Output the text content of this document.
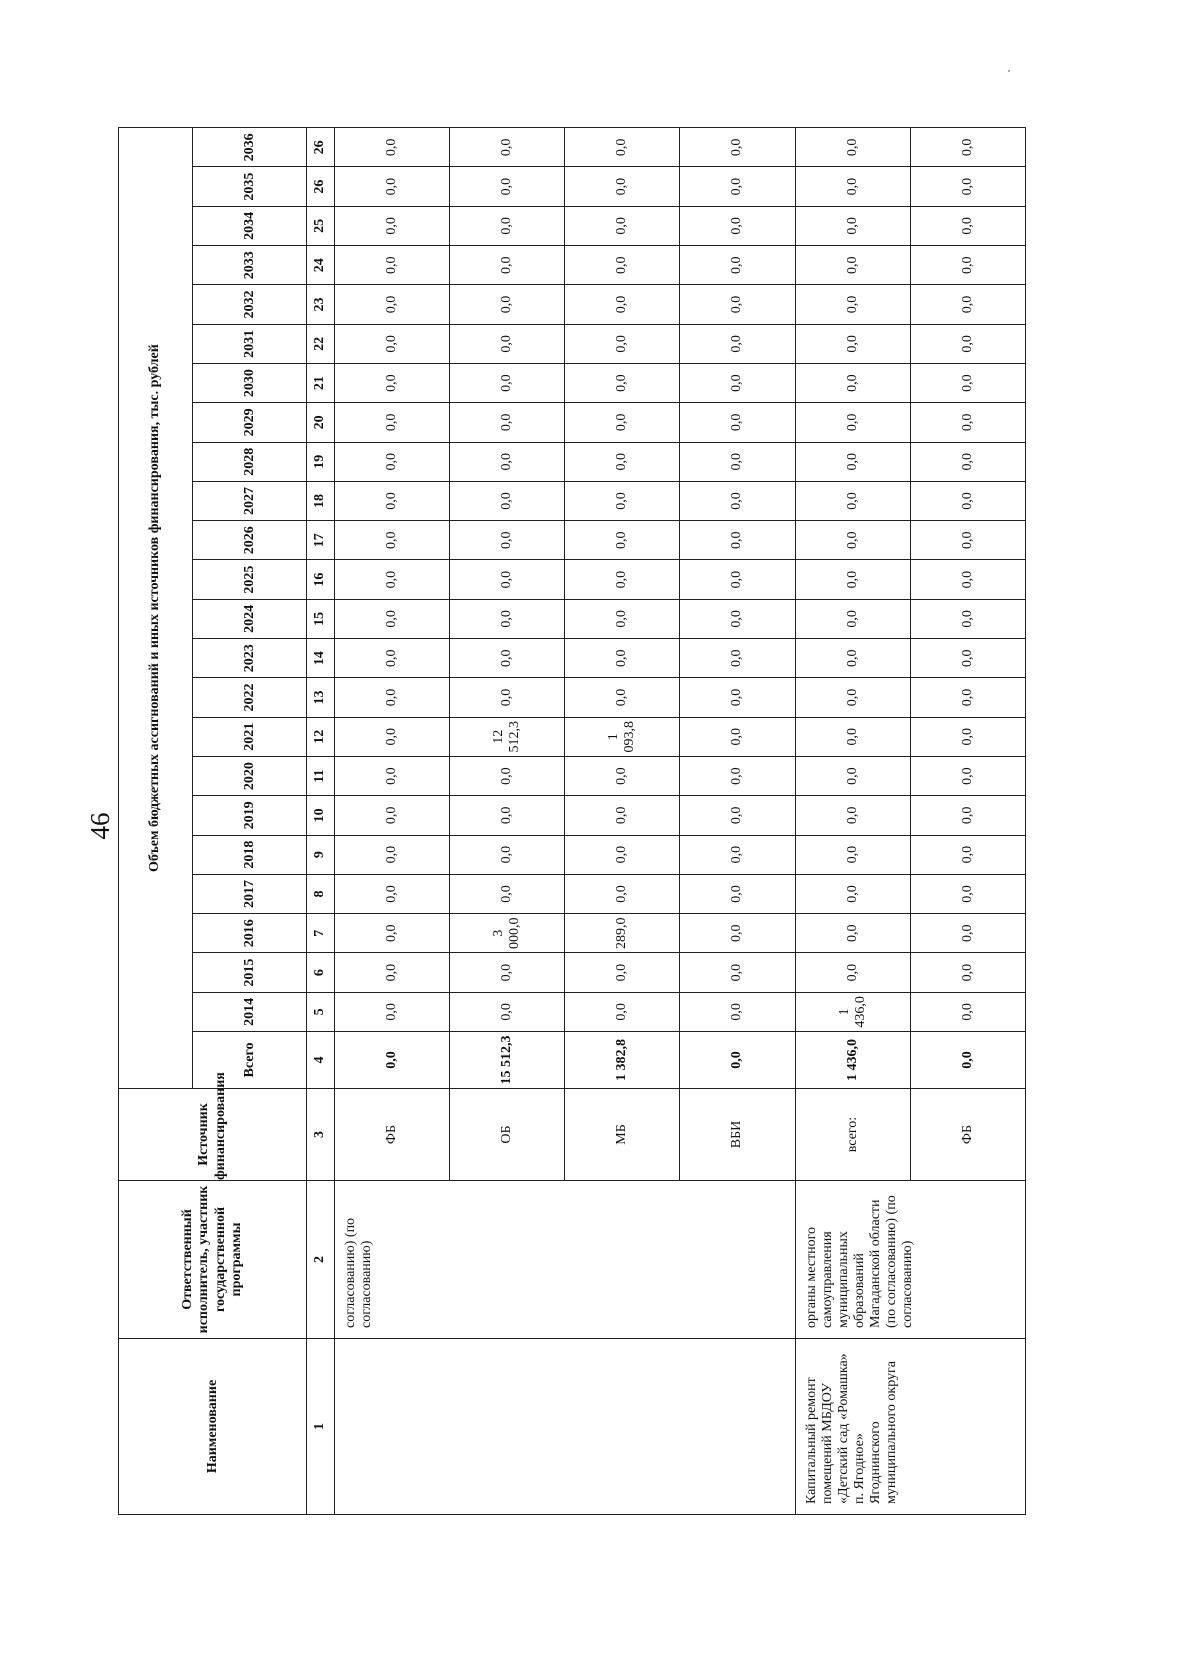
46
Наименование	Ответственный исполнитель, участник государственной программы	Источник финансирования	Объем бюджетных ассигнований и иных источников финансирования, тыс. рублей																							
			Всего	2014	2015	2016	2017	2018	2019	2020	2021	2022	2023	2024	2025	2026	2027	2028	2029	2030	2031	2032	2033	2034	2035	2036
1	2	3	4	5	6	7	8	9	10	11	12	13	14	15	16	17	18	19	20	21	22	23	24	25	26	26
	согласованию) (по согласованию)	ФБ	0,0	0,0	0,0	0,0	0,0	0,0	0,0	0,0	0,0	0,0	0,0	0,0	0,0	0,0	0,0	0,0	0,0	0,0	0,0	0,0	0,0	0,0	0,0	0,0
		ОБ	15 512,3	0,0	0,0	3 000,0	0,0	0,0	0,0	0,0	12 512,3	0,0	0,0	0,0	0,0	0,0	0,0	0,0	0,0	0,0	0,0	0,0	0,0	0,0	0,0	0,0
		МБ	1 382,8	0,0	0,0	289,0	0,0	0,0	0,0	0,0	1 093,8	0,0	0,0	0,0	0,0	0,0	0,0	0,0	0,0	0,0	0,0	0,0	0,0	0,0	0,0	0,0
		ВБИ	0,0	0,0	0,0	0,0	0,0	0,0	0,0	0,0	0,0	0,0	0,0	0,0	0,0	0,0	0,0	0,0	0,0	0,0	0,0	0,0	0,0	0,0	0,0	0,0
Капитальный ремонт помещений МБДОУ «Детский сад «Ромашка» п. Ягодное» Ягоднинского муниципального округа	органы местного самоуправления муниципальных образований Магаданской области (по согласованию) (по согласованию)	всего:	1 436,0	1 436,0	0,0	0,0	0,0	0,0	0,0	0,0	0,0	0,0	0,0	0,0	0,0	0,0	0,0	0,0	0,0	0,0	0,0	0,0	0,0	0,0	0,0	0,0
		ФБ	0,0	0,0	0,0	0,0	0,0	0,0	0,0	0,0	0,0	0,0	0,0	0,0	0,0	0,0	0,0	0,0	0,0	0,0	0,0	0,0	0,0	0,0	0,0	0,0
